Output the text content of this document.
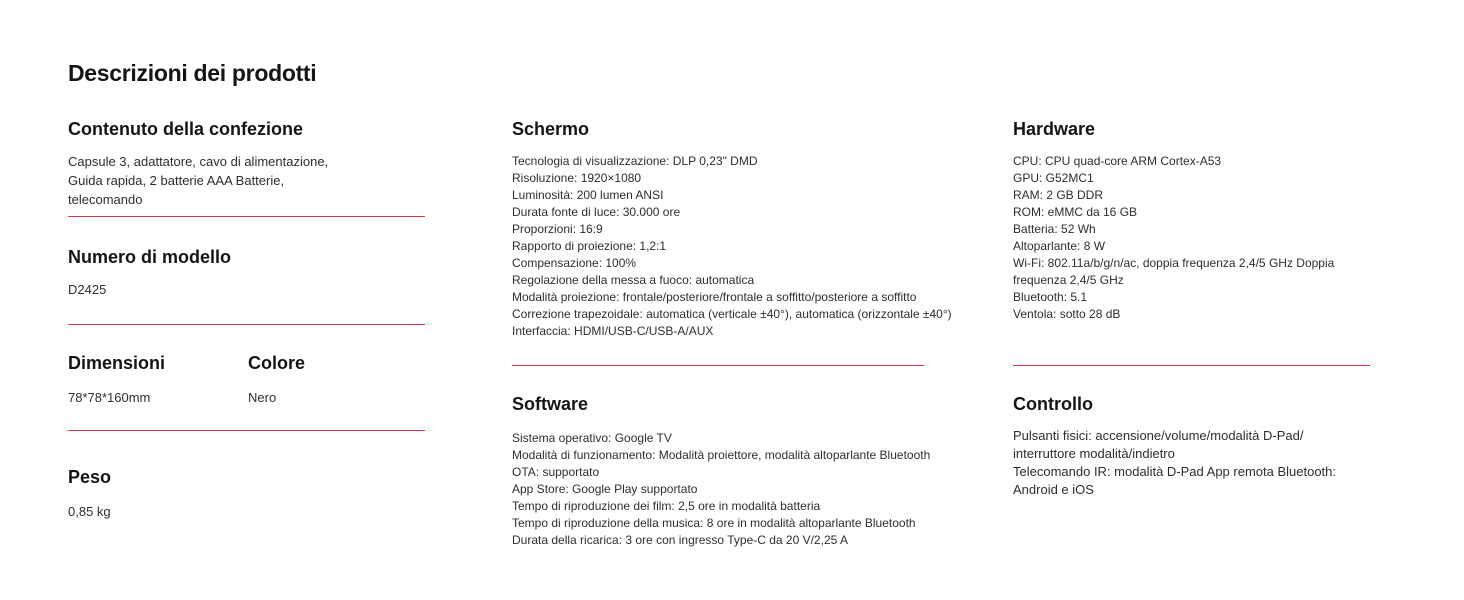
Descrizioni dei prodotti
Contenuto della confezione
Capsule 3, adattatore, cavo di alimentazione,
Guida rapida, 2 batterie AAA Batterie,
telecomando
Numero di modello
D2425
Dimensioni	Colore
78*78*160mm	Nero
Peso
0,85 kg
Schermo
Tecnologia di visualizzazione: DLP 0,23" DMD
Risoluzione: 1920×1080
Luminosità: 200 lumen ANSI
Durata fonte di luce: 30.000 ore
Proporzioni: 16:9
Rapporto di proiezione: 1,2:1
Compensazione: 100%
Regolazione della messa a fuoco: automatica
Modalità proiezione: frontale/posteriore/frontale a soffitto/posteriore a soffitto
Correzione trapezoidale: automatica (verticale ±40°), automatica (orizzontale ±40°)
Interfaccia: HDMI/USB-C/USB-A/AUX
Software
Sistema operativo: Google TV
Modalità di funzionamento: Modalità proiettore, modalità altoparlante Bluetooth
OTA: supportato
App Store: Google Play supportato
Tempo di riproduzione dei film: 2,5 ore in modalità batteria
Tempo di riproduzione della musica: 8 ore in modalità altoparlante Bluetooth
Durata della ricarica: 3 ore con ingresso Type-C da 20 V/2,25 A
Hardware
CPU: CPU quad-core ARM Cortex-A53
GPU: G52MC1
RAM: 2 GB DDR
ROM: eMMC da 16 GB
Batteria: 52 Wh
Altoparlante: 8 W
Wi-Fi: 802.11a/b/g/n/ac, doppia frequenza 2,4/5 GHz Doppia
frequenza 2,4/5 GHz
Bluetooth: 5.1
Ventola: sotto 28 dB
Controllo
Pulsanti fisici: accensione/volume/modalità D-Pad/
interruttore modalità/indietro
Telecomando IR: modalità D-Pad App remota Bluetooth:
Android e iOS
